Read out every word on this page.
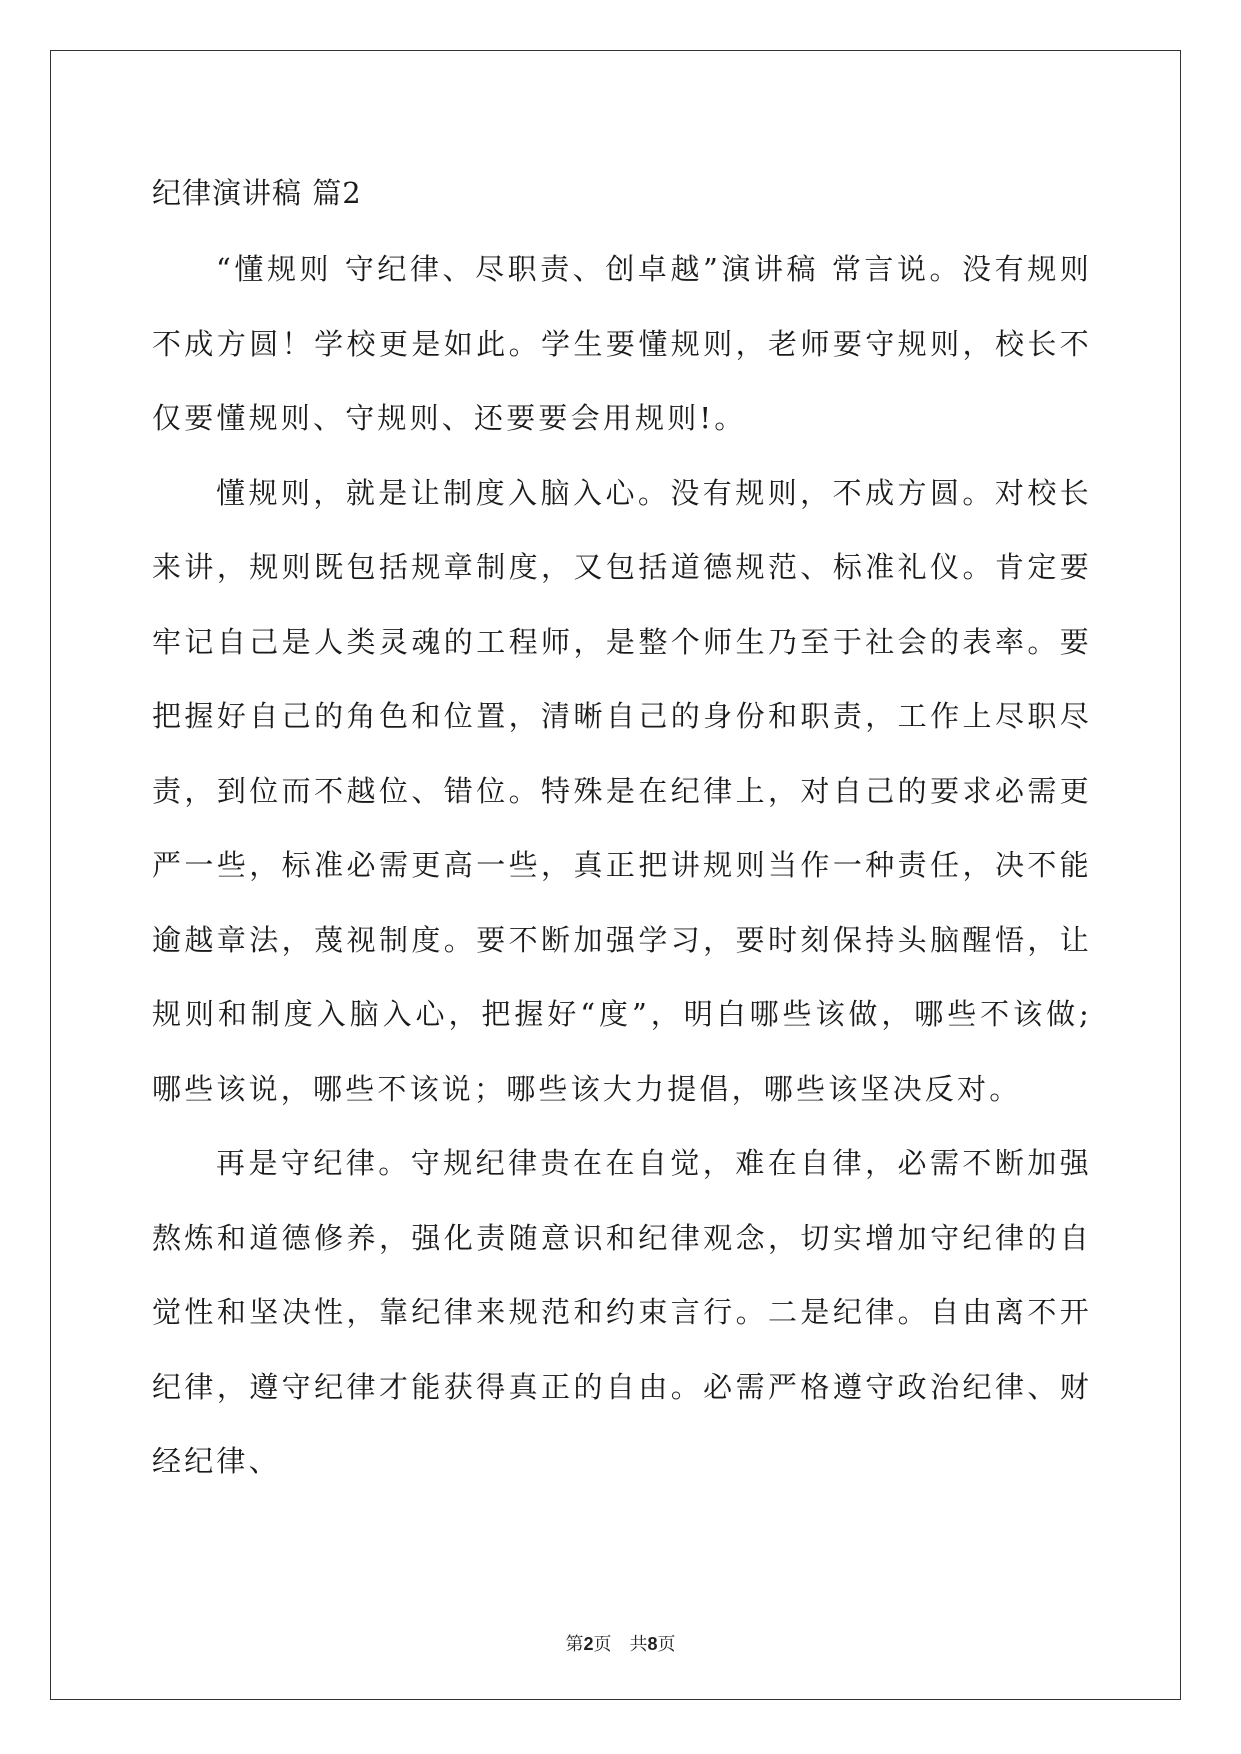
纪律演讲稿 篇2

“懂规则 守纪律、尽职责、创卓越”演讲稿 常言说。没有规则不成方圆！学校更是如此。学生要懂规则，老师要守规则，校长不仅要懂规则、守规则、还要要会用规则!。

懂规则，就是让制度入脑入心。没有规则，不成方圆。对校长来讲，规则既包括规章制度，又包括道德规范、标准礼仪。肯定要牢记自己是人类灵魂的工程师，是整个师生乃至于社会的表率。要把握好自己的角色和位置，清晰自己的身份和职责，工作上尽职尽责，到位而不越位、错位。特殊是在纪律上，对自己的要求必需更严一些，标准必需更高一些，真正把讲规则当作一种责任，决不能逾越章法，蔑视制度。要不断加强学习，要时刻保持头脑醒悟，让规则和制度入脑入心，把握好“度”，明白哪些该做，哪些不该做;哪些该说，哪些不该说；哪些该大力提倡，哪些该坚决反对。

再是守纪律。守规纪律贵在在自觉，难在自律，必需不断加强熬炼和道德修养，强化责随意识和纪律观念，切实增加守纪律的自觉性和坚决性，靠纪律来规范和约束言行。二是纪律。自由离不开纪律，遵守纪律才能获得真正的自由。必需严格遵守政治纪律、财经纪律、

第2页　共8页
